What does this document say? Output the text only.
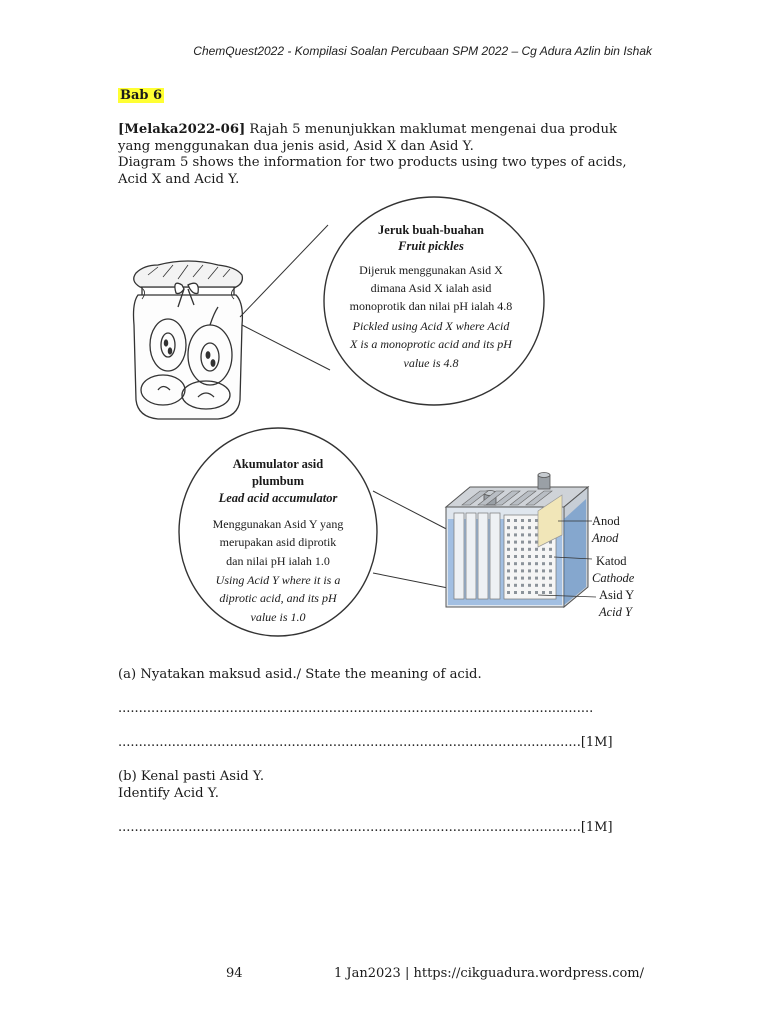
ChemQuest2022 - Kompilasi Soalan Percubaan SPM 2022 – Cg Adura Azlin bin Ishak
Bab 6
[Melaka2022-06] Rajah 5 menunjukkan maklumat mengenai dua produk
yang menggunakan dua jenis asid, Asid X dan Asid Y.
Diagram 5 shows the information for two products using two types of acids,
Acid X and Acid Y.
Jeruk buah-buahan
Fruit pickles
Dijeruk menggunakan Asid X
dimana Asid X ialah asid
monoprotik dan nilai pH ialah 4.8
Pickled using Acid X where Acid
X is a monoprotic acid and its pH
value is 4.8
Akumulator asid
plumbum
Lead acid accumulator
Menggunakan Asid Y yang
merupakan asid diprotik
dan nilai pH ialah 1.0
Using Acid Y where it is a
diprotic acid, and its pH
value is 1.0
Anod
Anod
Katod
Cathode
Asid Y
Acid Y
(a) Nyatakan maksud asid./ State the meaning of acid.
...................................................................................................................
................................................................................................................[1M]
(b) Kenal pasti Asid Y.
Identify Acid Y.
................................................................................................................[1M]
94	1 Jan2023 | https://cikguadura.wordpress.com/
